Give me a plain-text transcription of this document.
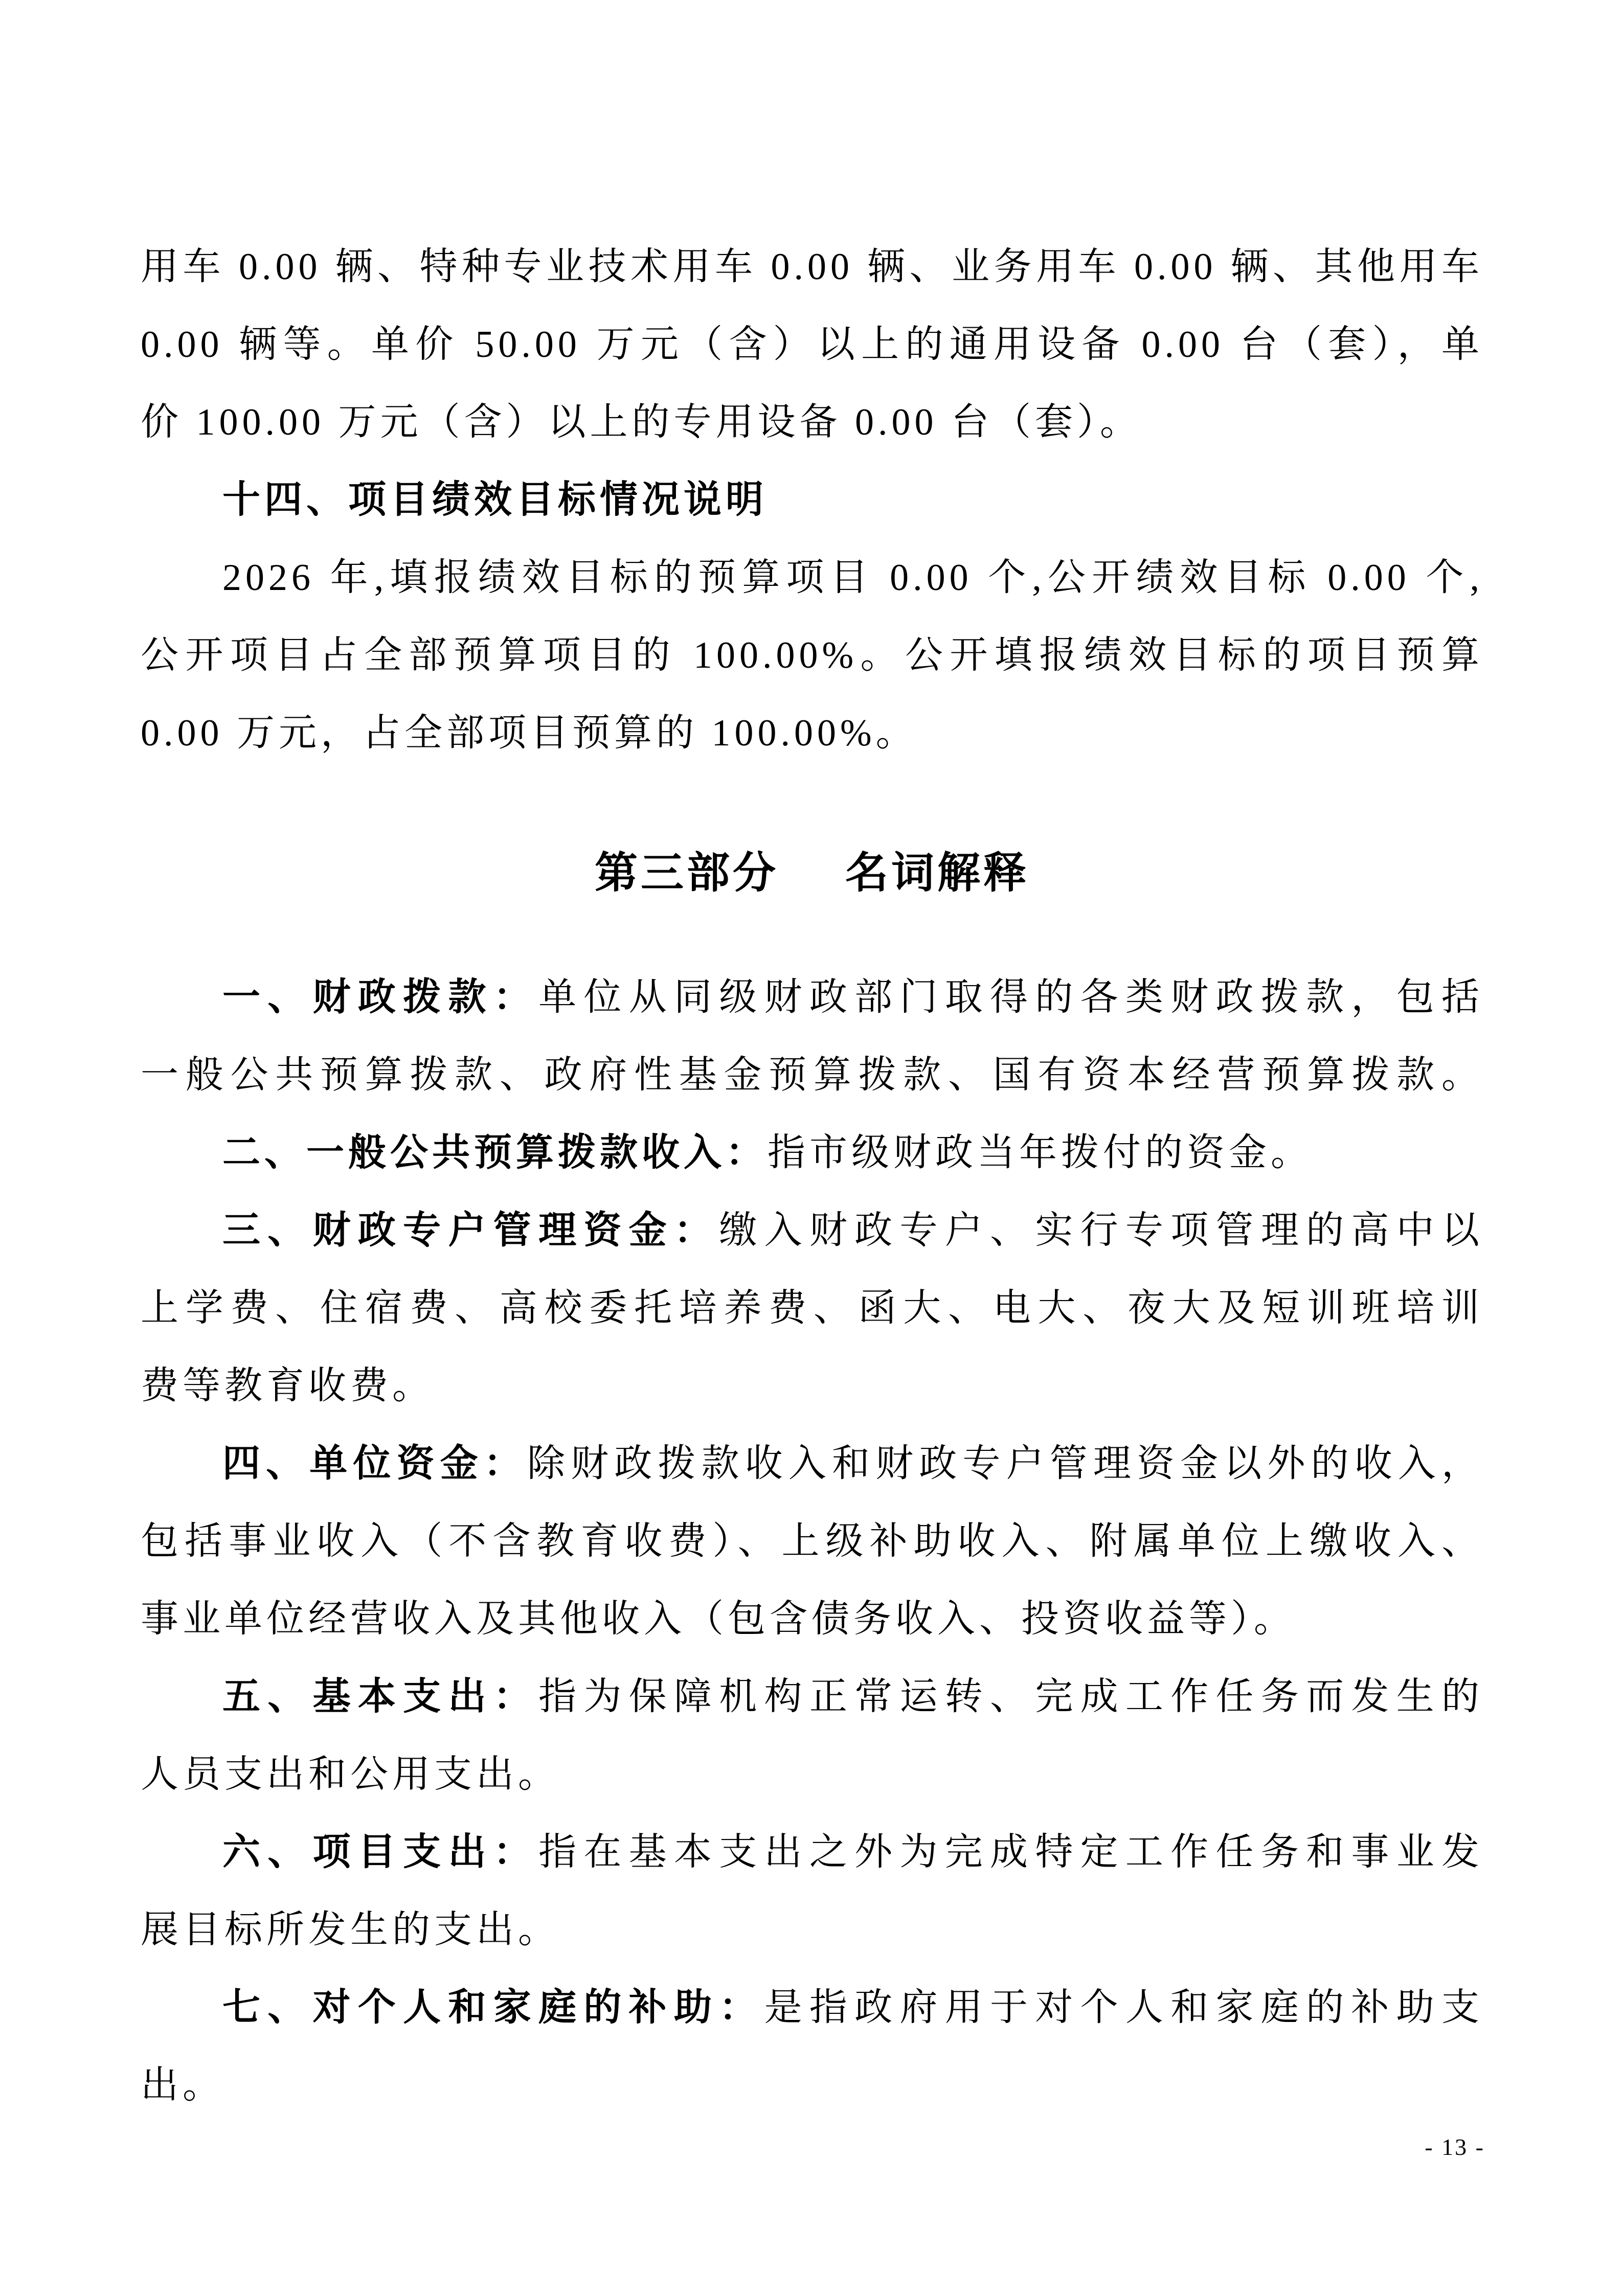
用车 0.00 辆、特种专业技术用车 0.00 辆、业务用车 0.00 辆、其他用车
0.00 辆等。单价 50.00 万元（含）以上的通用设备 0.00 台（套），单
价 100.00 万元（含）以上的专用设备 0.00 台（套）。
十四、项目绩效目标情况说明
2026 年,填报绩效目标的预算项目 0.00 个,公开绩效目标 0.00 个,
公开项目占全部预算项目的 100.00%。公开填报绩效目标的项目预算
0.00 万元，占全部项目预算的 100.00%。
第三部分 名词解释
一、财政拨款：单位从同级财政部门取得的各类财政拨款，包括
一般公共预算拨款、政府性基金预算拨款、国有资本经营预算拨款。
二、一般公共预算拨款收入：指市级财政当年拨付的资金。
三、财政专户管理资金：缴入财政专户、实行专项管理的高中以
上学费、住宿费、高校委托培养费、函大、电大、夜大及短训班培训
费等教育收费。
四、单位资金：除财政拨款收入和财政专户管理资金以外的收入，
包括事业收入（不含教育收费）、上级补助收入、附属单位上缴收入、
事业单位经营收入及其他收入（包含债务收入、投资收益等）。
五、基本支出：指为保障机构正常运转、完成工作任务而发生的
人员支出和公用支出。
六、项目支出：指在基本支出之外为完成特定工作任务和事业发
展目标所发生的支出。
七、对个人和家庭的补助：是指政府用于对个人和家庭的补助支
出。
- 13 -
